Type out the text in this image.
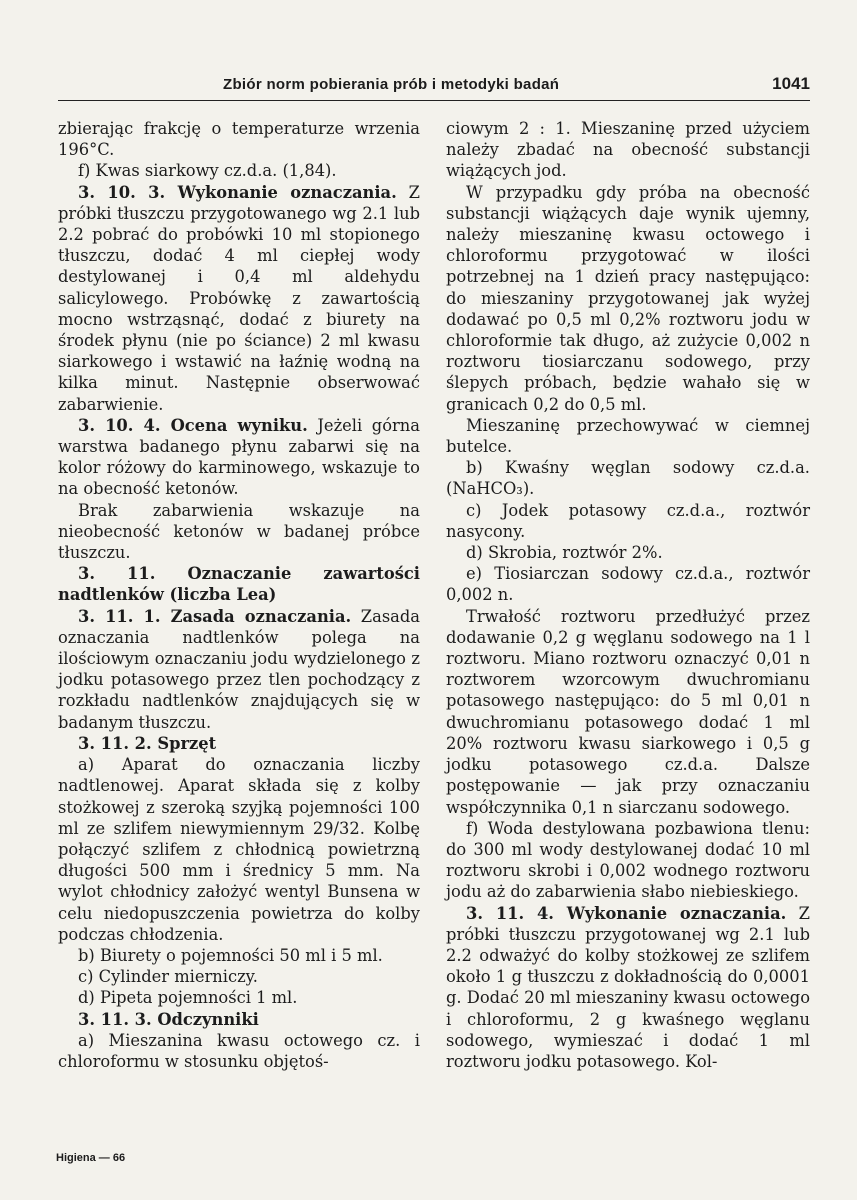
Zbiór norm pobierania prób i metodyki badań	1041

zbierając frakcję o temperaturze wrzenia 196°C.

f) Kwas siarkowy cz.d.a. (1,84).

3. 10. 3. Wykonanie oznaczania. Z próbki tłuszczu przygotowanego wg 2.1 lub 2.2 pobrać do probówki 10 ml stopionego tłuszczu, dodać 4 ml ciepłej wody destylowanej i 0,4 ml aldehydu salicylowego. Probówkę z zawartością mocno wstrząsnąć, dodać z biurety na środek płynu (nie po ściance) 2 ml kwasu siarkowego i wstawić na łaźnię wodną na kilka minut. Następnie obserwować zabarwienie.

3. 10. 4. Ocena wyniku. Jeżeli górna warstwa badanego płynu zabarwi się na kolor różowy do karminowego, wskazuje to na obecność ketonów.

Brak zabarwienia wskazuje na nieobecność ketonów w badanej próbce tłuszczu.

3. 11. Oznaczanie zawartości nadtlenków (liczba Lea)

3. 11. 1. Zasada oznaczania. Zasada oznaczania nadtlenków polega na ilościowym oznaczaniu jodu wydzielonego z jodku potasowego przez tlen pochodzący z rozkładu nadtlenków znajdujących się w badanym tłuszczu.

3. 11. 2. Sprzęt

a) Aparat do oznaczania liczby nadtlenowej. Aparat składa się z kolby stożkowej z szeroką szyjką pojemności 100 ml ze szlifem niewymiennym 29/32. Kolbę połączyć szlifem z chłodnicą powietrzną długości 500 mm i średnicy 5 mm. Na wylot chłodnicy założyć wentyl Bunsena w celu niedopuszczenia powietrza do kolby podczas chłodzenia.

b) Biurety o pojemności 50 ml i 5 ml.

c) Cylinder mierniczy.

d) Pipeta pojemności 1 ml.

3. 11. 3. Odczynniki

a) Mieszanina kwasu octowego cz. i chloroformu w stosunku objętoś-

ciowym 2 : 1. Mieszaninę przed użyciem należy zbadać na obecność substancji wiążących jod.

W przypadku gdy próba na obecność substancji wiążących daje wynik ujemny, należy mieszaninę kwasu octowego i chloroformu przygotować w ilości potrzebnej na 1 dzień pracy następująco: do mieszaniny przygotowanej jak wyżej dodawać po 0,5 ml 0,2% roztworu jodu w chloroformie tak długo, aż zużycie 0,002 n roztworu tiosiarczanu sodowego, przy ślepych próbach, będzie wahało się w granicach 0,2 do 0,5 ml.

Mieszaninę przechowywać w ciemnej butelce.

b) Kwaśny węglan sodowy cz.d.a. (NaHCO₃).

c) Jodek potasowy cz.d.a., roztwór nasycony.

d) Skrobia, roztwór 2%.

e) Tiosiarczan sodowy cz.d.a., roztwór 0,002 n.

Trwałość roztworu przedłużyć przez dodawanie 0,2 g węglanu sodowego na 1 l roztworu. Miano roztworu oznaczyć 0,01 n roztworem wzorcowym dwuchromianu potasowego następująco: do 5 ml 0,01 n dwuchromianu potasowego dodać 1 ml 20% roztworu kwasu siarkowego i 0,5 g jodku potasowego cz.d.a. Dalsze postępowanie — jak przy oznaczaniu współczynnika 0,1 n siarczanu sodowego.

f) Woda destylowana pozbawiona tlenu: do 300 ml wody destylowanej dodać 10 ml roztworu skrobi i 0,002 wodnego roztworu jodu aż do zabarwienia słabo niebieskiego.

3. 11. 4. Wykonanie oznaczania. Z próbki tłuszczu przygotowanej wg 2.1 lub 2.2 odważyć do kolby stożkowej ze szlifem około 1 g tłuszczu z dokładnością do 0,0001 g. Dodać 20 ml mieszaniny kwasu octowego i chloroformu, 2 g kwaśnego węglanu sodowego, wymieszać i dodać 1 ml roztworu jodku potasowego. Kol-

Higiena — 66
